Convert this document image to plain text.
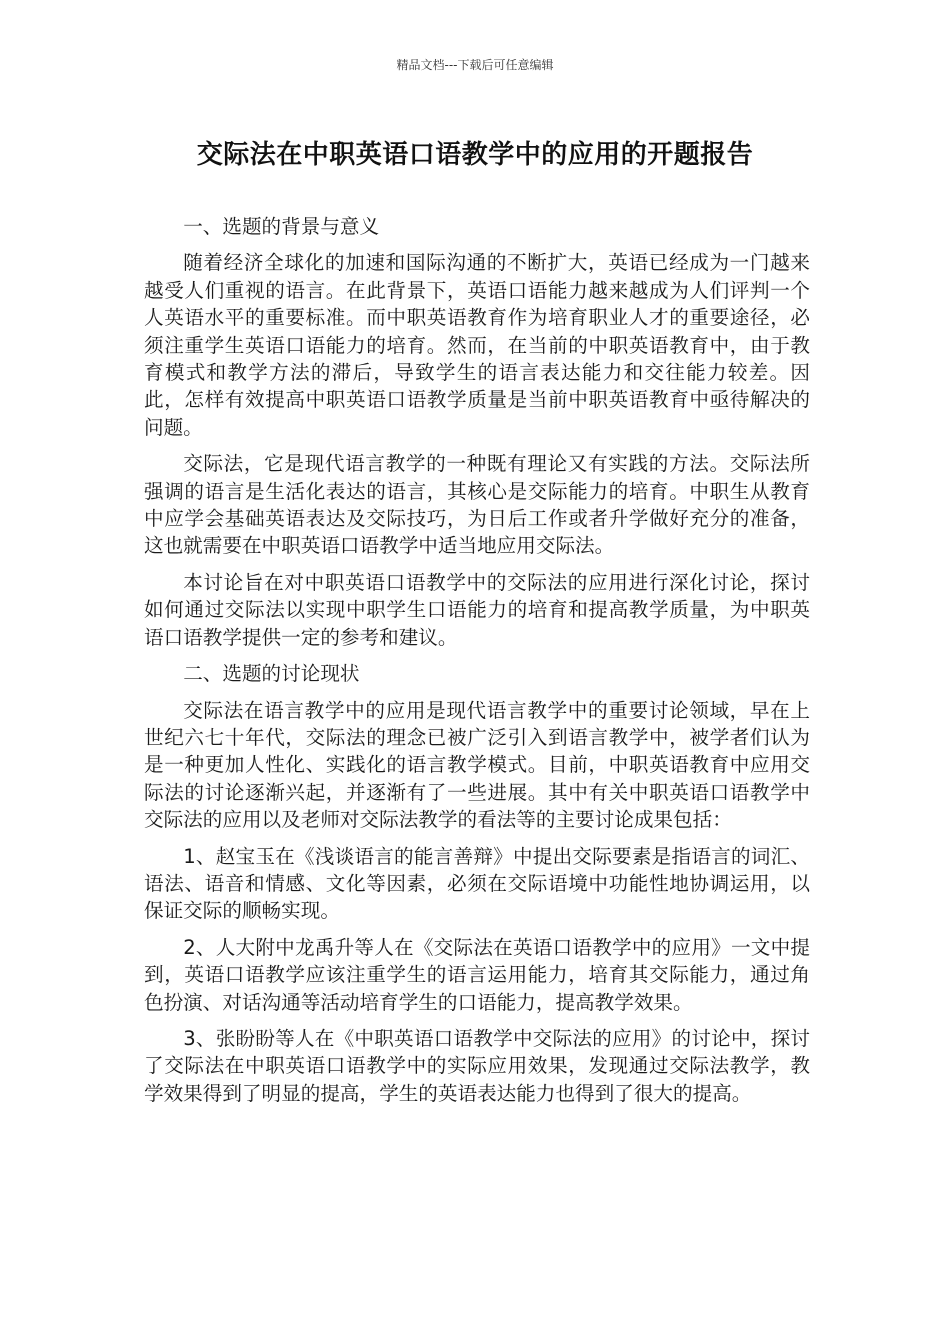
精品文档---下载后可任意编辑
交际法在中职英语口语教学中的应用的开题报告

一、选题的背景与意义

随着经济全球化的加速和国际沟通的不断扩大，英语已经成为一门越来越受人们重视的语言。在此背景下，英语口语能力越来越成为人们评判一个人英语水平的重要标准。而中职英语教育作为培育职业人才的重要途径，必须注重学生英语口语能力的培育。然而，在当前的中职英语教育中，由于教育模式和教学方法的滞后，导致学生的语言表达能力和交往能力较差。因此，怎样有效提高中职英语口语教学质量是当前中职英语教育中亟待解决的问题。

交际法，它是现代语言教学的一种既有理论又有实践的方法。交际法所强调的语言是生活化表达的语言，其核心是交际能力的培育。中职生从教育中应学会基础英语表达及交际技巧，为日后工作或者升学做好充分的准备，这也就需要在中职英语口语教学中适当地应用交际法。

本讨论旨在对中职英语口语教学中的交际法的应用进行深化讨论，探讨如何通过交际法以实现中职学生口语能力的培育和提高教学质量，为中职英语口语教学提供一定的参考和建议。

二、选题的讨论现状

交际法在语言教学中的应用是现代语言教学中的重要讨论领域，早在上世纪六七十年代，交际法的理念已被广泛引入到语言教学中，被学者们认为是一种更加人性化、实践化的语言教学模式。目前，中职英语教育中应用交际法的讨论逐渐兴起，并逐渐有了一些进展。其中有关中职英语口语教学中交际法的应用以及老师对交际法教学的看法等的主要讨论成果包括：

1、赵宝玉在《浅谈语言的能言善辩》中提出交际要素是指语言的词汇、语法、语音和情感、文化等因素，必须在交际语境中功能性地协调运用，以保证交际的顺畅实现。

2、人大附中龙禹升等人在《交际法在英语口语教学中的应用》一文中提到，英语口语教学应该注重学生的语言运用能力，培育其交际能力，通过角色扮演、对话沟通等活动培育学生的口语能力，提高教学效果。

3、张盼盼等人在《中职英语口语教学中交际法的应用》的讨论中，探讨了交际法在中职英语口语教学中的实际应用效果，发现通过交际法教学，教学效果得到了明显的提高，学生的英语表达能力也得到了很大的提高。
